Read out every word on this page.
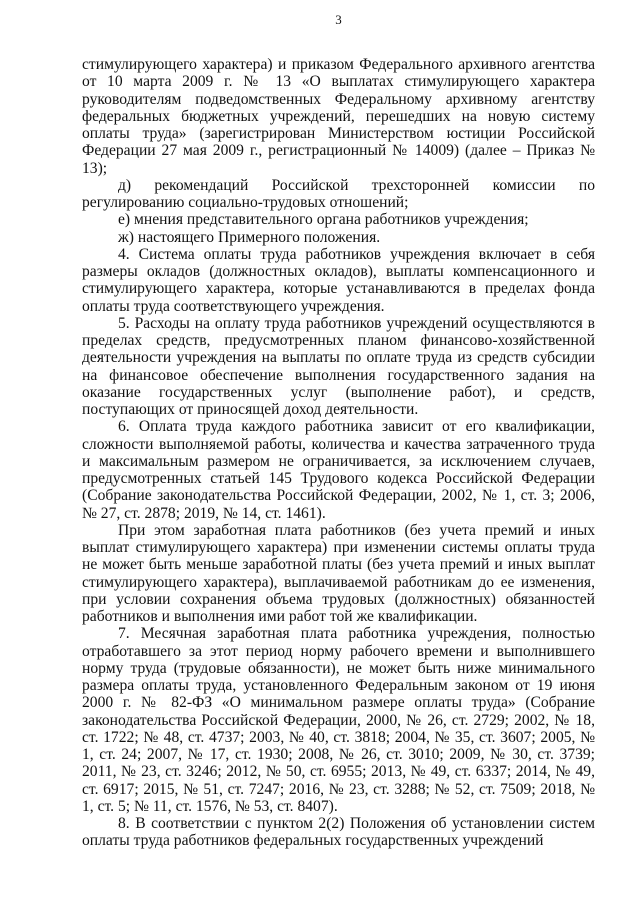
3

стимулирующего характера) и приказом Федерального архивного агентства от 10 марта 2009 г. № 13 «О выплатах стимулирующего характера руководителям подведомственных Федеральному архивному агентству федеральных бюджетных учреждений, перешедших на новую систему оплаты труда» (зарегистрирован Министерством юстиции Российской Федерации 27 мая 2009 г., регистрационный № 14009) (далее – Приказ № 13);

д) рекомендаций Российской трехсторонней комиссии по регулированию социально-трудовых отношений;

е) мнения представительного органа работников учреждения;

ж) настоящего Примерного положения.

4. Система оплаты труда работников учреждения включает в себя размеры окладов (должностных окладов), выплаты компенсационного и стимулирующего характера, которые устанавливаются в пределах фонда оплаты труда соответствующего учреждения.

5. Расходы на оплату труда работников учреждений осуществляются в пределах средств, предусмотренных планом финансово-хозяйственной деятельности учреждения на выплаты по оплате труда из средств субсидии на финансовое обеспечение выполнения государственного задания на оказание государственных услуг (выполнение работ), и средств, поступающих от приносящей доход деятельности.

6. Оплата труда каждого работника зависит от его квалификации, сложности выполняемой работы, количества и качества затраченного труда и максимальным размером не ограничивается, за исключением случаев, предусмотренных статьей 145 Трудового кодекса Российской Федерации (Собрание законодательства Российской Федерации, 2002, № 1, ст. 3; 2006, № 27, ст. 2878; 2019, № 14, ст. 1461).

При этом заработная плата работников (без учета премий и иных выплат стимулирующего характера) при изменении системы оплаты труда не может быть меньше заработной платы (без учета премий и иных выплат стимулирующего характера), выплачиваемой работникам до ее изменения, при условии сохранения объема трудовых (должностных) обязанностей работников и выполнения ими работ той же квалификации.

7. Месячная заработная плата работника учреждения, полностью отработавшего за этот период норму рабочего времени и выполнившего норму труда (трудовые обязанности), не может быть ниже минимального размера оплаты труда, установленного Федеральным законом от 19 июня 2000 г. № 82-ФЗ «О минимальном размере оплаты труда» (Собрание законодательства Российской Федерации, 2000, № 26, ст. 2729; 2002, № 18, ст. 1722; № 48, ст. 4737; 2003, № 40, ст. 3818; 2004, № 35, ст. 3607; 2005, № 1, ст. 24; 2007, № 17, ст. 1930; 2008, № 26, ст. 3010; 2009, № 30, ст. 3739; 2011, № 23, ст. 3246; 2012, № 50, ст. 6955; 2013, № 49, ст. 6337; 2014, № 49, ст. 6917; 2015, № 51, ст. 7247; 2016, № 23, ст. 3288; № 52, ст. 7509; 2018, № 1, ст. 5; № 11, ст. 1576, № 53, ст. 8407).

8. В соответствии с пунктом 2(2) Положения об установлении систем оплаты труда работников федеральных государственных учреждений
